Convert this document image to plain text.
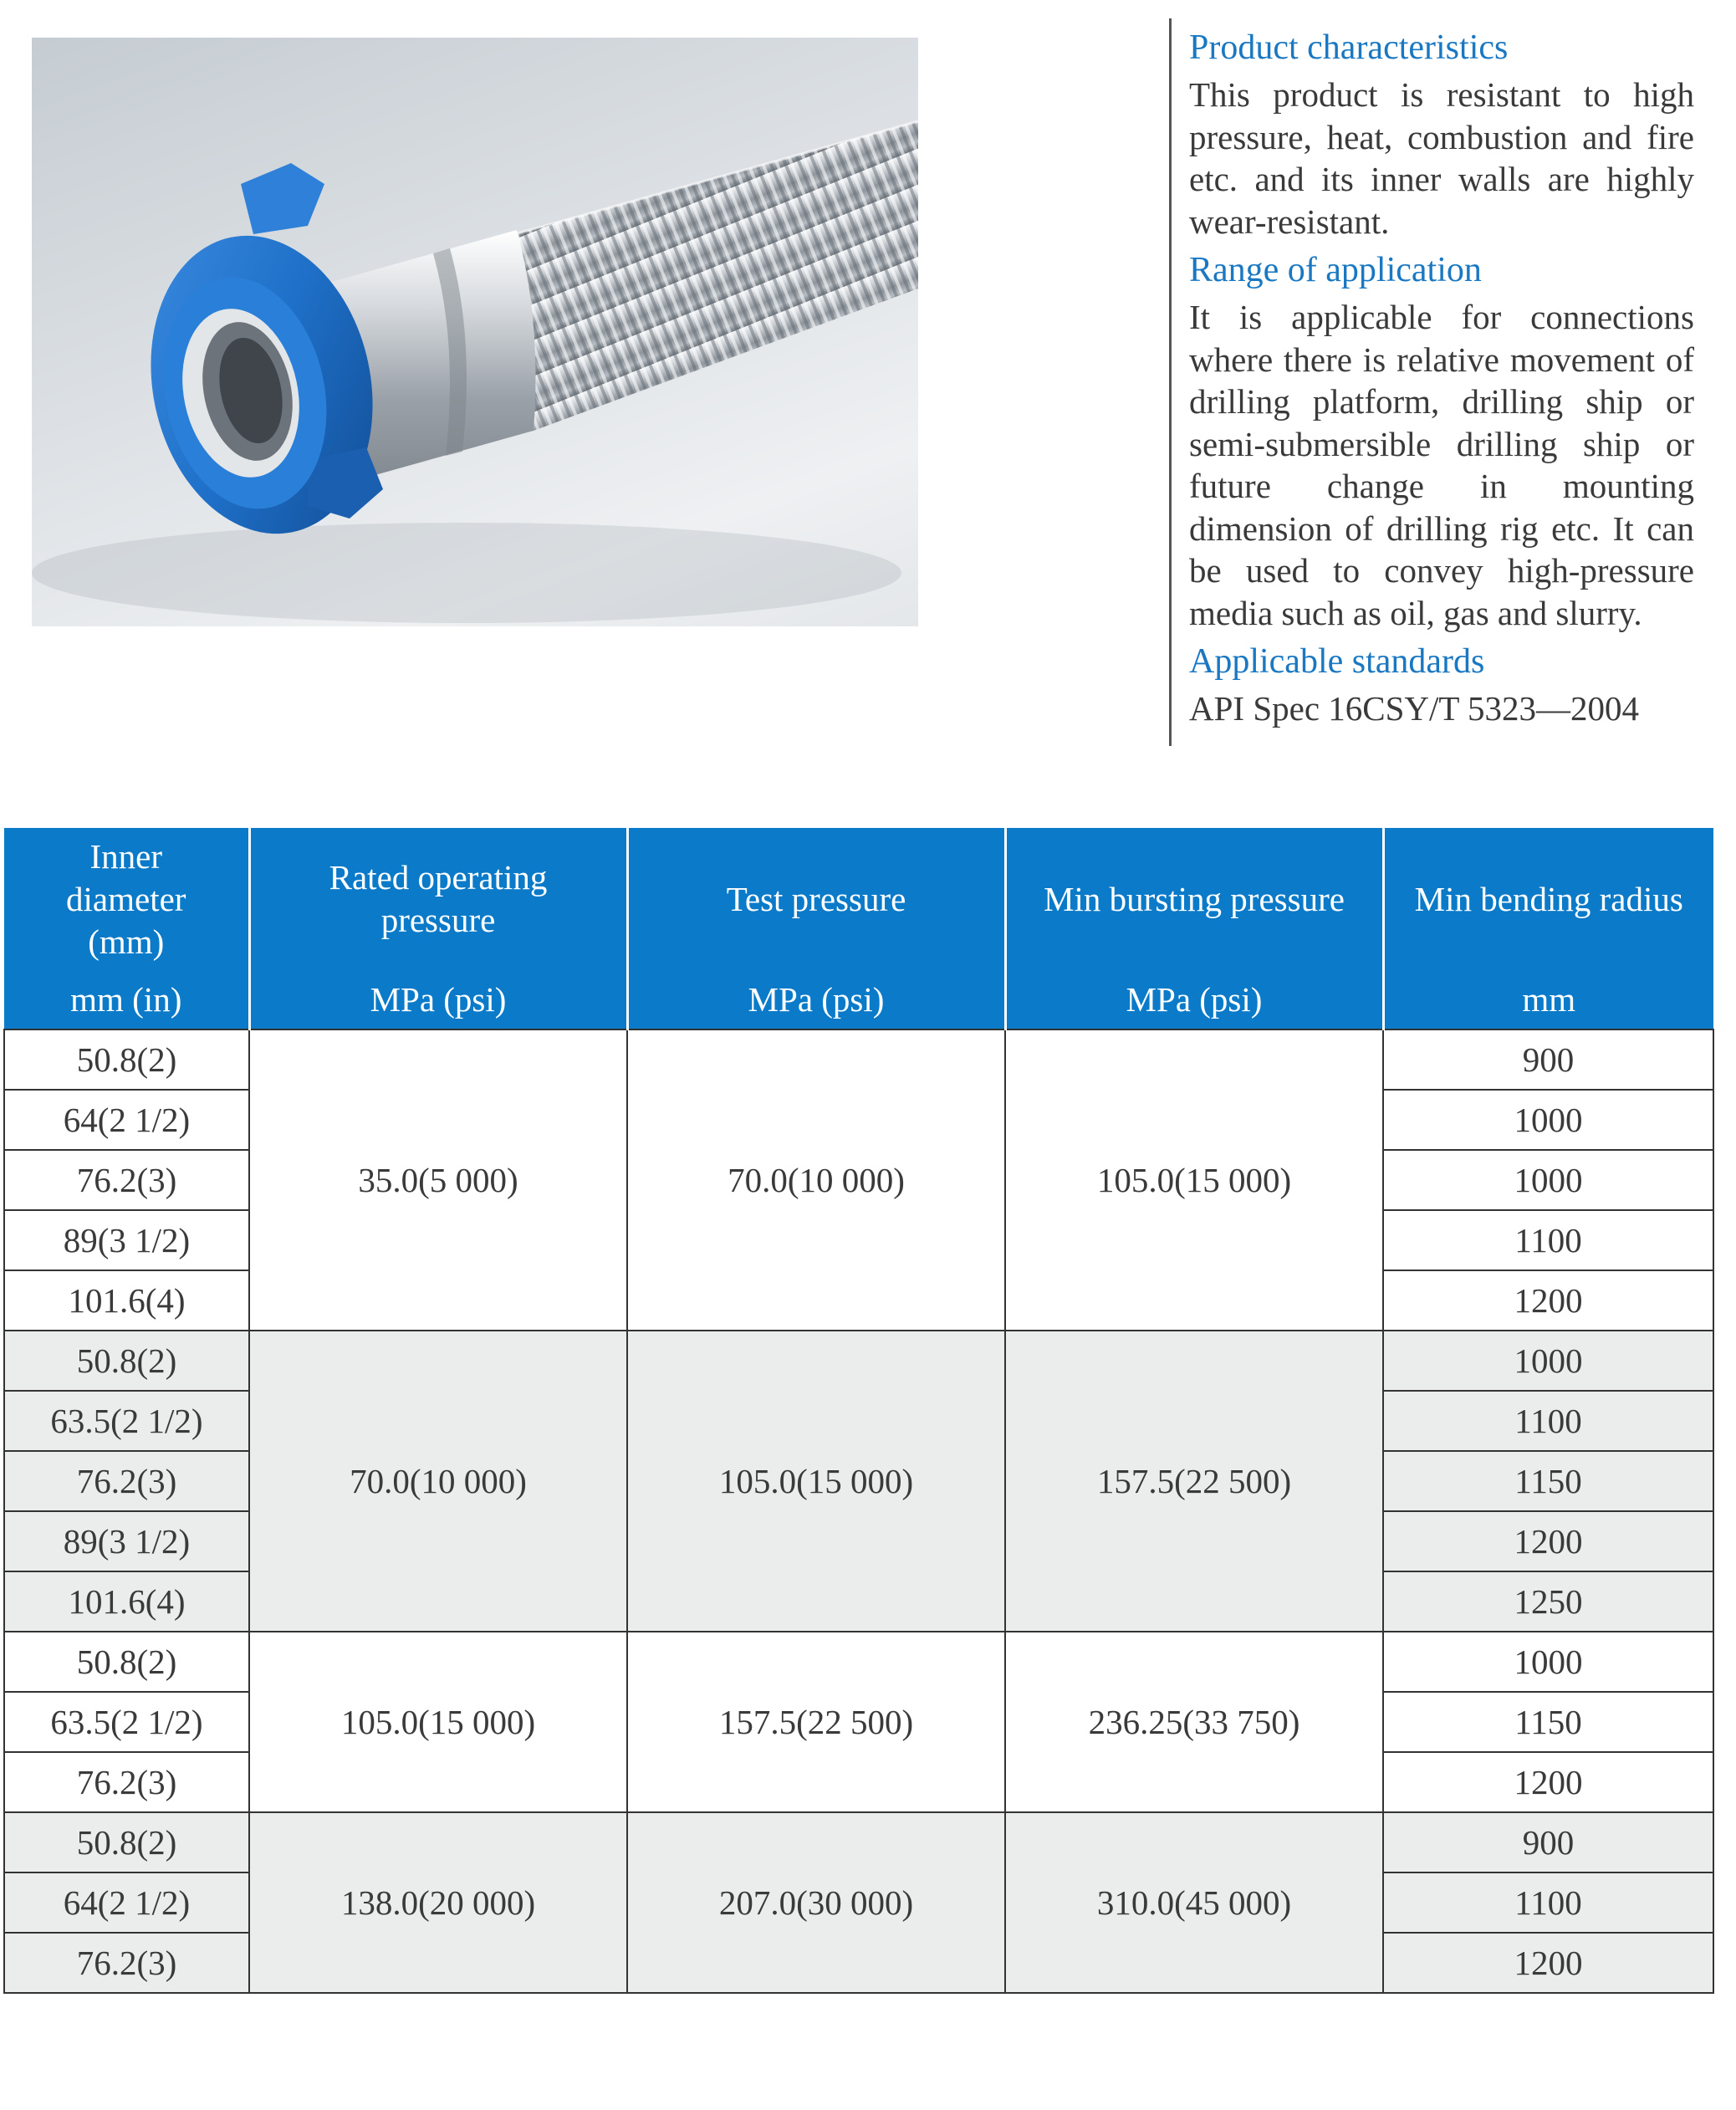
Product characteristics
This product is resistant to high pressure, heat, combustion and fire etc. and its inner walls are highly wear-resistant.
Range of application
It is applicable for connections where there is relative movement of drilling platform, drilling ship or semi-submersible drilling ship or future change in mounting dimension of drilling rig etc. It can be used to convey high-pressure media such as oil, gas and slurry.
Applicable standards
API Spec 16CSY/T 5323—2004
Inner diameter (mm)	Rated operating pressure	Test pressure	Min bursting pressure	Min bending radius
mm (in)	MPa (psi)	MPa (psi)	MPa (psi)	mm
50.8(2)	35.0(5 000)	70.0(10 000)	105.0(15 000)	900
64(2 1/2)				1000
76.2(3)				1000
89(3 1/2)				1100
101.6(4)				1200
50.8(2)	70.0(10 000)	105.0(15 000)	157.5(22 500)	1000
63.5(2 1/2)				1100
76.2(3)				1150
89(3 1/2)				1200
101.6(4)				1250
50.8(2)	105.0(15 000)	157.5(22 500)	236.25(33 750)	1000
63.5(2 1/2)				1150
76.2(3)				1200
50.8(2)	138.0(20 000)	207.0(30 000)	310.0(45 000)	900
64(2 1/2)				1100
76.2(3)				1200
